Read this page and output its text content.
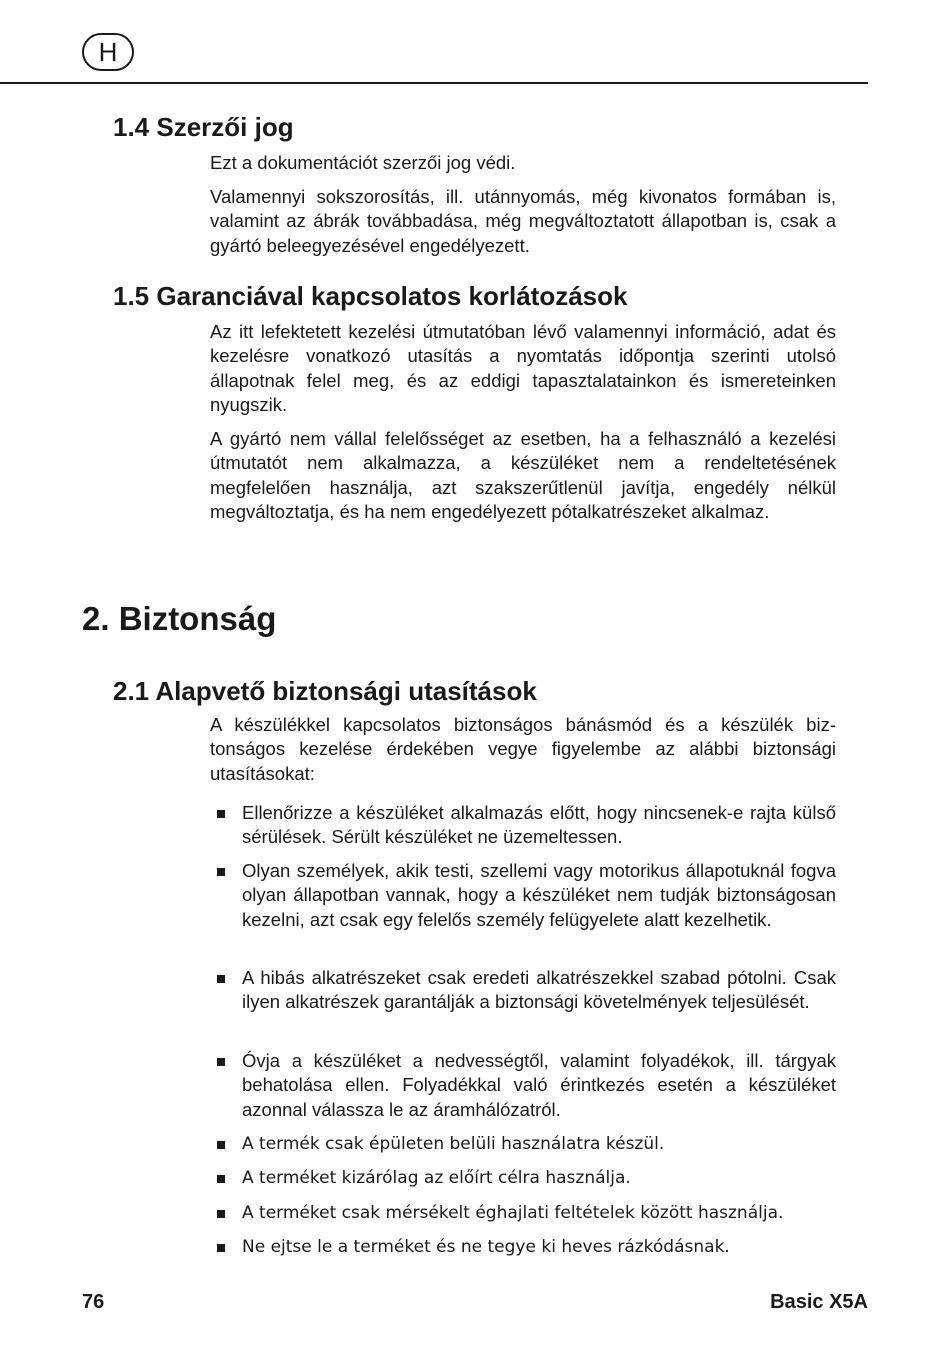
H
1.4 Szerzői jog

Ezt a dokumentációt szerzői jog védi.

Valamennyi sokszorosítás, ill. utánnyomás, még kivonatos formában is, valamint az ábrák továbbadása, még megváltoztatott állapotban is, csak a gyártó beleegyezésével engedélyezett.

1.5 Garanciával kapcsolatos korlátozások

Az itt lefektetett kezelési útmutatóban lévő valamennyi információ, adat és kezelésre vonatkozó utasítás a nyomtatás időpontja szerinti utolsó állapotnak felel meg, és az eddigi tapasztalatainkon és ismereteinken nyugszik.

A gyártó nem vállal felelősséget az esetben, ha a felhasználó a kezelési útmutatót nem alkalmazza, a készüléket nem a rendeltetésének megfelelően használja, azt szakszerűtlenül javítja, engedély nélkül megváltoztatja, és ha nem engedélyezett pótalkatrészeket alkalmaz.

2. Biztonság
2.1 Alapvető biztonsági utasítások

A készülékkel kapcsolatos biztonságos bánásmód és a készülék biztonságos kezelése érdekében vegye figyelembe az alábbi biztonsági utasításokat:

Ellenőrizze a készüléket alkalmazás előtt, hogy nincsenek-e rajta külső sérülések. Sérült készüléket ne üzemeltessen.
Olyan személyek, akik testi, szellemi vagy motorikus állapotuknál fogva olyan állapotban vannak, hogy a készüléket nem tudják biztonságosan kezelni, azt csak egy felelős személy felügyelete alatt kezelhetik.
A hibás alkatrészeket csak eredeti alkatrészekkel szabad pótolni. Csak ilyen alkatrészek garantálják a biztonsági követelmények teljesülését.
Óvja a készüléket a nedvességtől, valamint folyadékok, ill. tárgyak behatolása ellen. Folyadékkal való érintkezés esetén a készüléket azonnal válassza le az áramhálózatról.
A termék csak épületen belüli használatra készül.
A terméket kizárólag az előírt célra használja.
A terméket csak mérsékelt éghajlati feltételek között használja.
Ne ejtse le a terméket és ne tegye ki heves rázkódásnak.
76	Basic X5A
